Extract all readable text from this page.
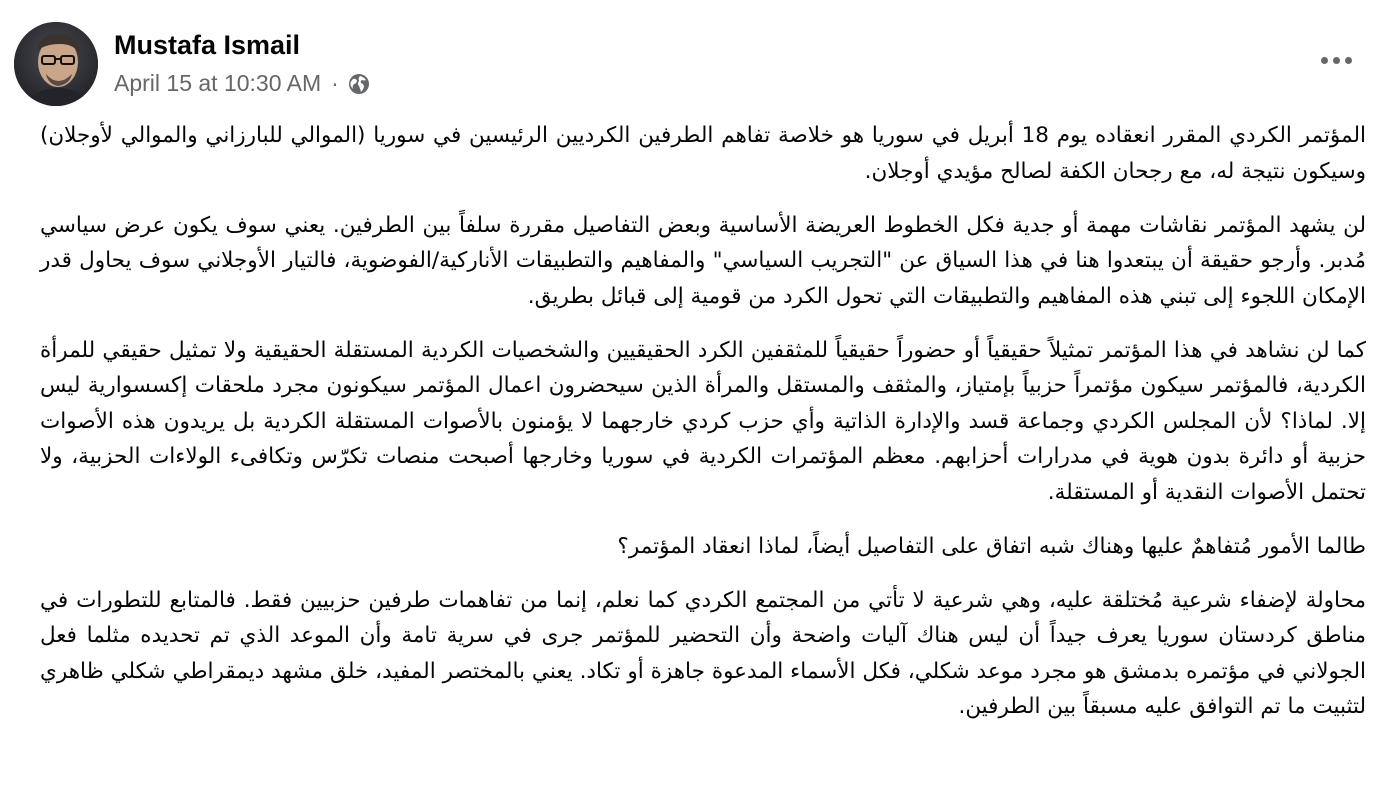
Mustafa Ismail
April 15 at 10:30 AM ·

المؤتمر الكردي المقرر انعقاده يوم 18 أبريل في سوريا هو خلاصة تفاهم الطرفين الكرديين الرئيسين في سوريا (الموالي للبارزاني والموالي لأوجلان) وسيكون نتيجة له، مع رجحان الكفة لصالح مؤيدي أوجلان.

لن يشهد المؤتمر نقاشات مهمة أو جدية فكل الخطوط العريضة الأساسية وبعض التفاصيل مقررة سلفاً بين الطرفين. يعني سوف يكون عرض سياسي مُدبر. وأرجو حقيقة أن يبتعدوا هنا في هذا السياق عن "التجريب السياسي" والمفاهيم والتطبيقات الأناركية/الفوضوية، فالتيار الأوجلاني سوف يحاول قدر الإمكان اللجوء إلى تبني هذه المفاهيم والتطبيقات التي تحول الكرد من قومية إلى قبائل بطريق.

كما لن نشاهد في هذا المؤتمر تمثيلاً حقيقياً أو حضوراً حقيقياً للمثقفين الكرد الحقيقيين والشخصيات الكردية المستقلة الحقيقية ولا تمثيل حقيقي للمرأة الكردية، فالمؤتمر سيكون مؤتمراً حزبياً بإمتياز، والمثقف والمستقل والمرأة الذين سيحضرون اعمال المؤتمر سيكونون مجرد ملحقات إكسسوارية ليس إلا. لماذا؟ لأن المجلس الكردي وجماعة قسد والإدارة الذاتية وأي حزب كردي خارجهما لا يؤمنون بالأصوات المستقلة الكردية بل يريدون هذه الأصوات حزبية أو دائرة بدون هوية في مدرارات أحزابهم. معظم المؤتمرات الكردية في سوريا وخارجها أصبحت منصات تكرّس وتكافىء الولاءات الحزبية، ولا تحتمل الأصوات النقدية أو المستقلة.

طالما الأمور مُتفاهمٌ عليها وهناك شبه اتفاق على التفاصيل أيضاً، لماذا انعقاد المؤتمر؟

محاولة لإضفاء شرعية مُختلقة عليه، وهي شرعية لا تأتي من المجتمع الكردي كما نعلم، إنما من تفاهمات طرفين حزبيين فقط. فالمتابع للتطورات في مناطق كردستان سوريا يعرف جيداً أن ليس هناك آليات واضحة وأن التحضير للمؤتمر جرى في سرية تامة وأن الموعد الذي تم تحديده مثلما فعل الجولاني في مؤتمره بدمشق هو مجرد موعد شكلي، فكل الأسماء المدعوة جاهزة أو تكاد. يعني بالمختصر المفيد، خلق مشهد ديمقراطي شكلي ظاهري لتثبيت ما تم التوافق عليه مسبقاً بين الطرفين.
